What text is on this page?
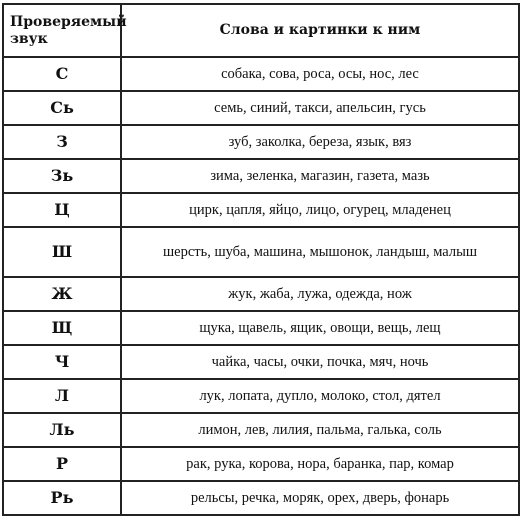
Проверяемый звук	Слова и картинки к ним
С	собака, сова, роса, осы, нос, лес
Сь	семь, синий, такси, апельсин, гусь
З	зуб, заколка, береза, язык, вяз
Зь	зима, зеленка, магазин, газета, мазь
Ц	цирк, цапля, яйцо, лицо, огурец, младенец
Ш	шерсть, шуба, машина, мышонок, ландыш, малыш
Ж	жук, жаба, лужа, одежда, нож
Щ	щука, щавель, ящик, овощи, вещь, лещ
Ч	чайка, часы, очки, почка, мяч, ночь
Л	лук, лопата, дупло, молоко, стол, дятел
Ль	лимон, лев, лилия, пальма, галька, соль
Р	рак, рука, корова, нора, баранка, пар, комар
Рь	рельсы, речка, моряк, орех, дверь, фонарь
